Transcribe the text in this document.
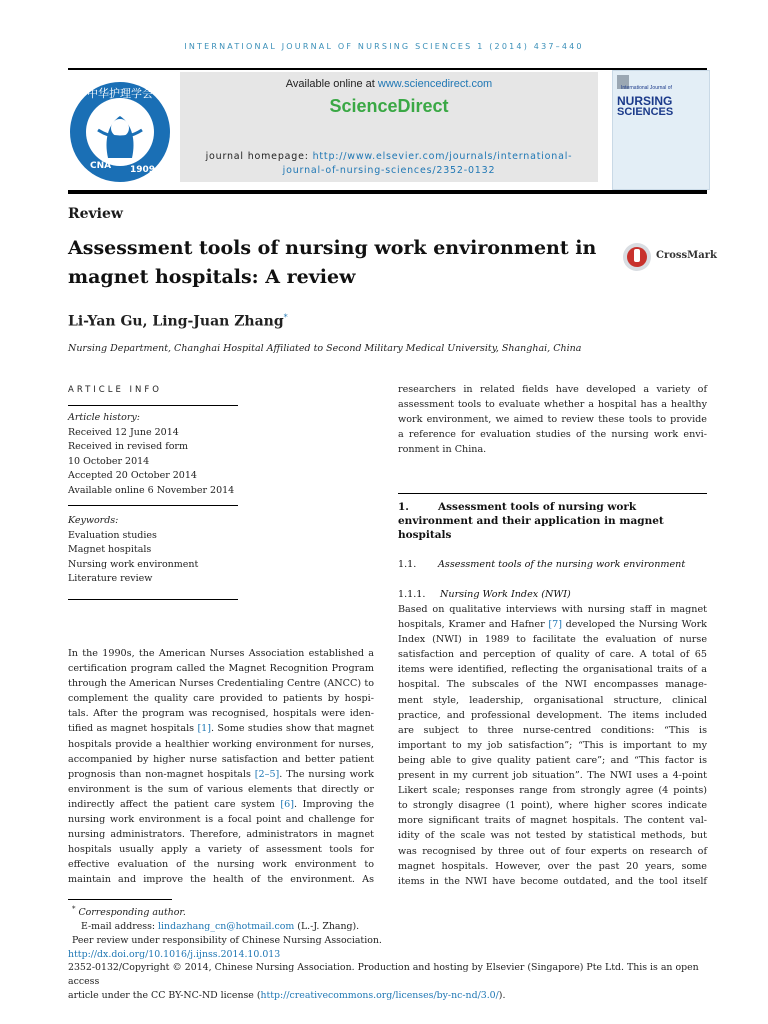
INTERNATIONAL JOURNAL OF NURSING SCIENCES 1 (2014) 437–440
中华护理学会
CNA 1909
Available online at www.sciencedirect.com
ScienceDirect
journal homepage: http://www.elsevier.com/journals/international-
journal-of-nursing-sciences/2352-0132
International Journal of
NURSING
SCIENCES
Review
Assessment tools of nursing work environment in
magnet hospitals: A review
CrossMark
Li-Yan Gu, Ling-Juan Zhang*
Nursing Department, Changhai Hospital Affiliated to Second Military Medical University, Shanghai, China
ARTICLE INFO
Article history:
Received 12 June 2014
Received in revised form
10 October 2014
Accepted 20 October 2014
Available online 6 November 2014
Keywords:
Evaluation studies
Magnet hospitals
Nursing work environment
Literature review
In the 1990s, the American Nurses Association established a
certification program called the Magnet Recognition Program
through the American Nurses Credentialing Centre (ANCC) to
complement the quality care provided to patients by hospi-
tals. After the program was recognised, hospitals were iden-
tified as magnet hospitals [1]. Some studies show that magnet
hospitals provide a healthier working environment for nurses,
accompanied by higher nurse satisfaction and better patient
prognosis than non-magnet hospitals [2–5]. The nursing work
environment is the sum of various elements that directly or
indirectly affect the patient care system [6]. Improving the
nursing work environment is a focal point and challenge for
nursing administrators. Therefore, administrators in magnet
hospitals usually apply a variety of assessment tools for
effective evaluation of the nursing work environment to
maintain and improve the health of the environment. As
researchers in related fields have developed a variety of
assessment tools to evaluate whether a hospital has a healthy
work environment, we aimed to review these tools to provide
a reference for evaluation studies of the nursing work envi-
ronment in China.
1.	Assessment tools of nursing work
environment and their application in magnet
hospitals
1.1. Assessment tools of the nursing work environment
1.1.1. Nursing Work Index (NWI)
Based on qualitative interviews with nursing staff in magnet
hospitals, Kramer and Hafner [7] developed the Nursing Work
Index (NWI) in 1989 to facilitate the evaluation of nurse
satisfaction and perception of quality of care. A total of 65
items were identified, reflecting the organisational traits of a
hospital. The subscales of the NWI encompasses manage-
ment style, leadership, organisational structure, clinical
practice, and professional development. The items included
are subject to three nurse-centred conditions: “This is
important to my job satisfaction”; “This is important to my
being able to give quality patient care”; and “This factor is
present in my current job situation”. The NWI uses a 4-point
Likert scale; responses range from strongly agree (4 points)
to strongly disagree (1 point), where higher scores indicate
more significant traits of magnet hospitals. The content val-
idity of the scale was not tested by statistical methods, but
was recognised by three out of four experts on research of
magnet hospitals. However, over the past 20 years, some
items in the NWI have become outdated, and the tool itself
* Corresponding author.
E-mail address: lindazhang_cn@hotmail.com (L.-J. Zhang).
Peer review under responsibility of Chinese Nursing Association.
http://dx.doi.org/10.1016/j.ijnss.2014.10.013
2352-0132/Copyright © 2014, Chinese Nursing Association. Production and hosting by Elsevier (Singapore) Pte Ltd. This is an open access
article under the CC BY-NC-ND license (http://creativecommons.org/licenses/by-nc-nd/3.0/).
